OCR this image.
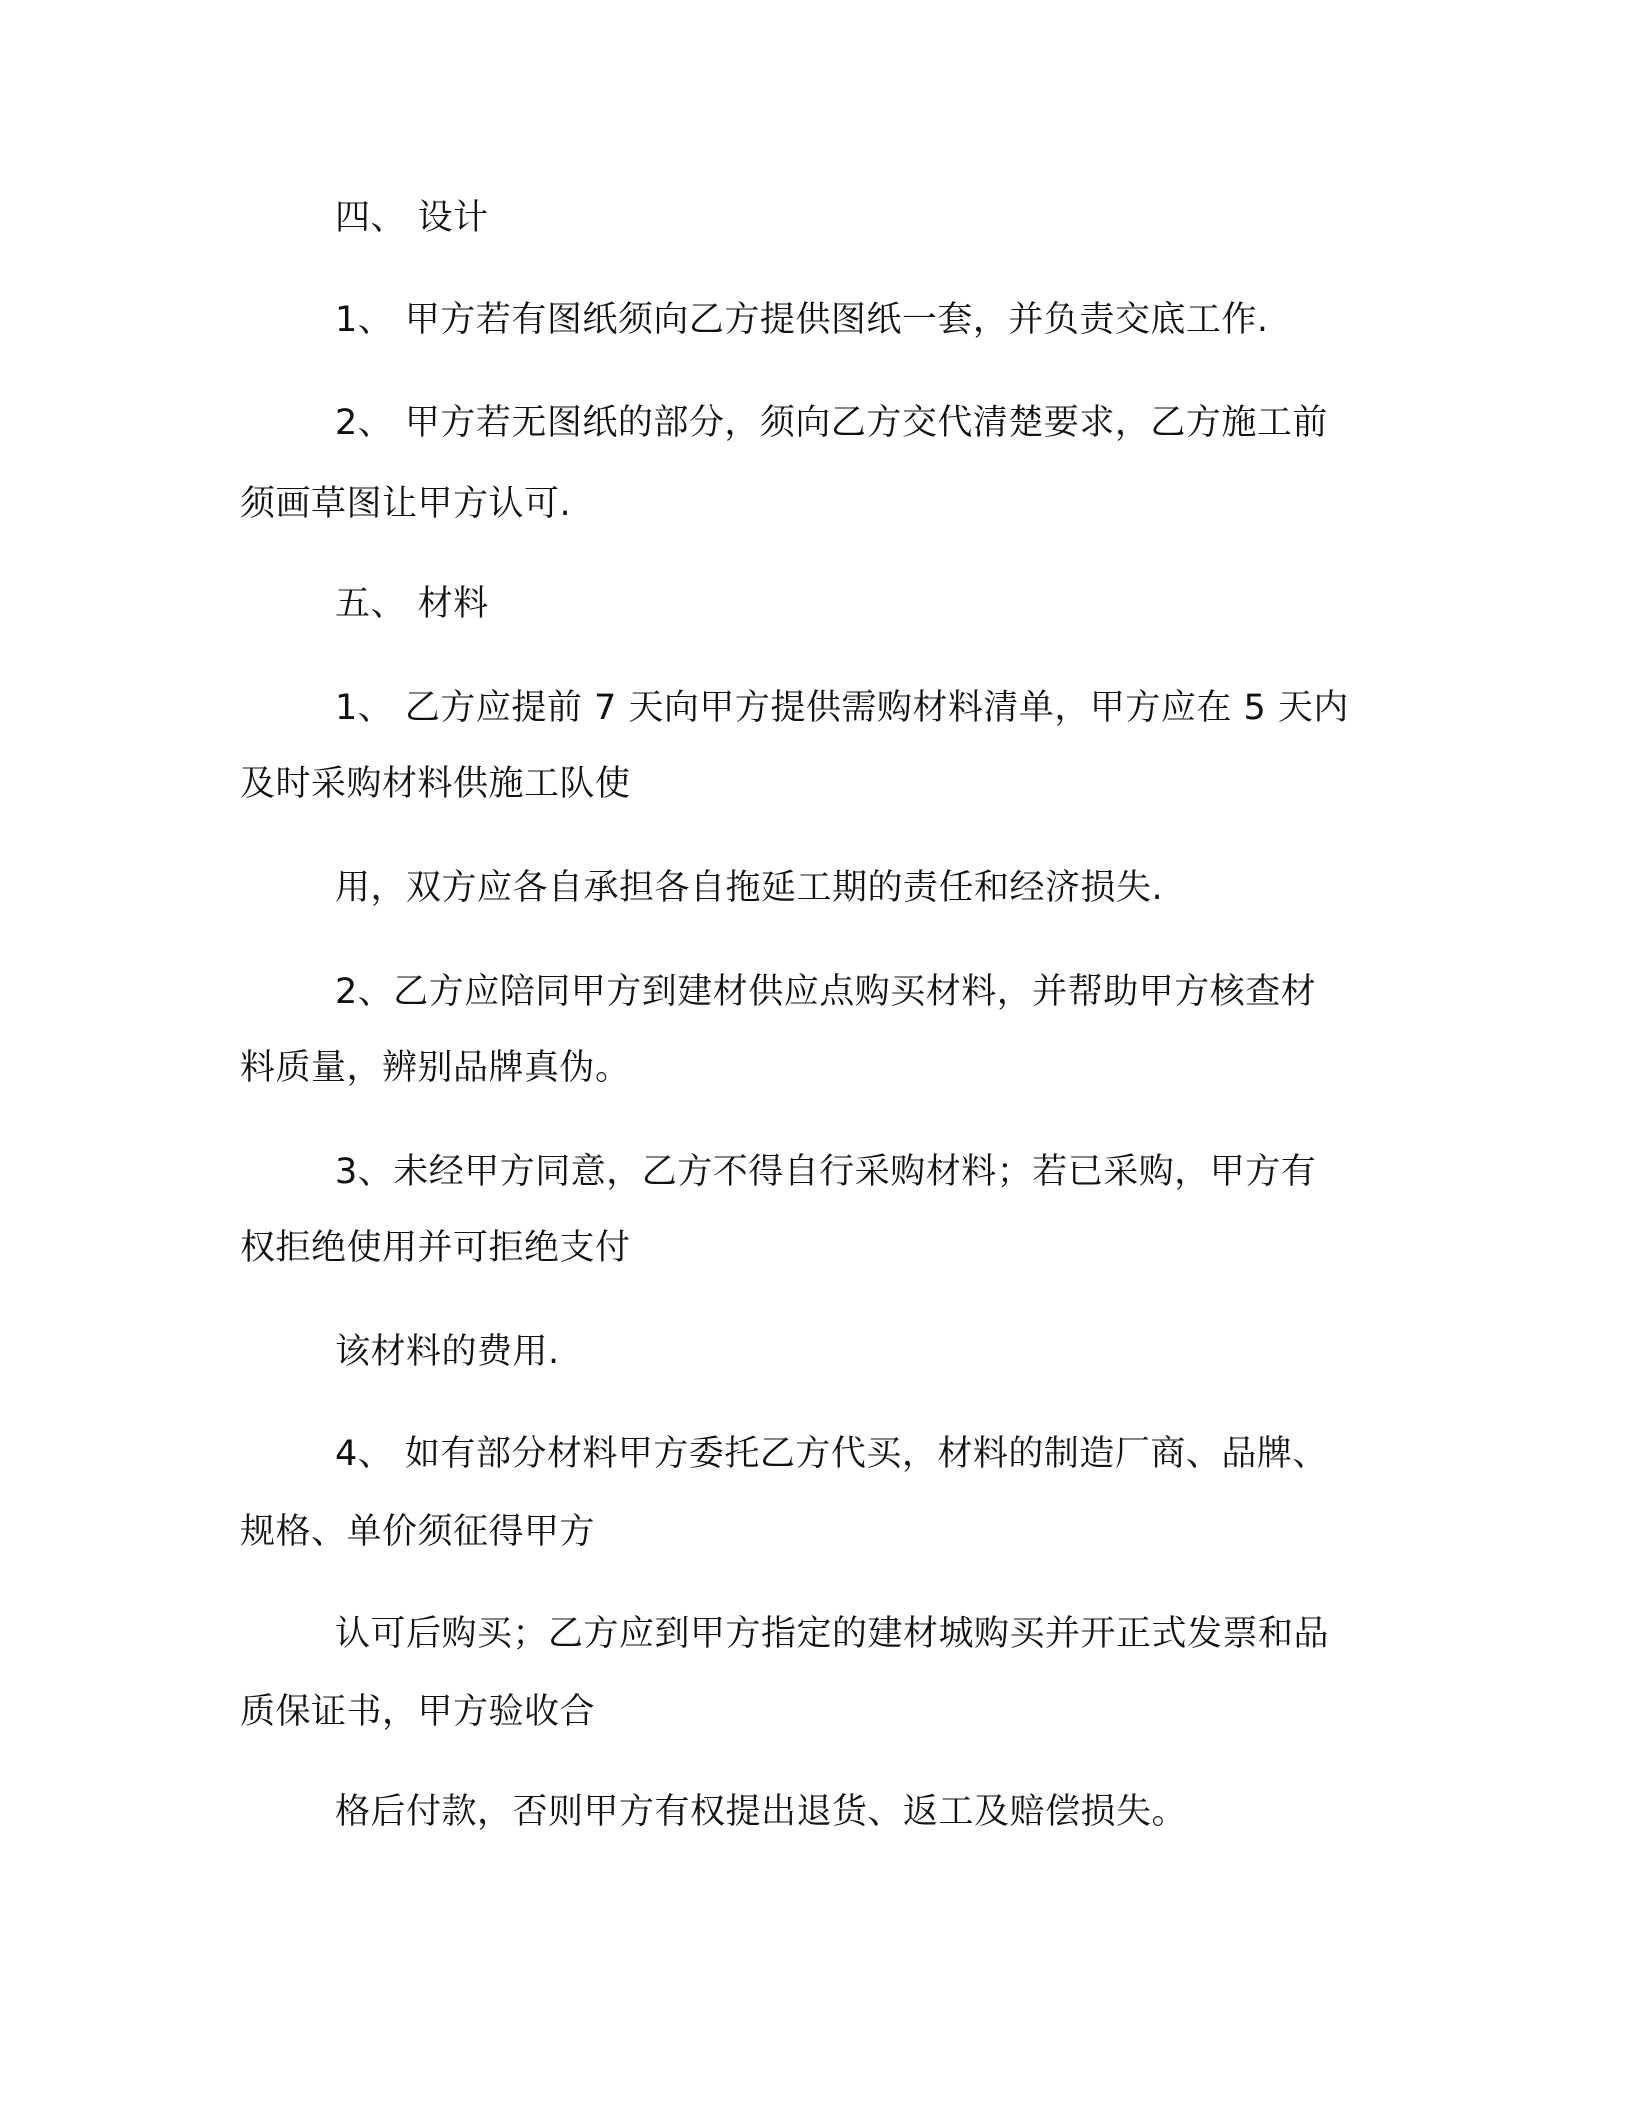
四、 设计
1、 甲方若有图纸须向乙方提供图纸一套，并负责交底工作.
2、 甲方若无图纸的部分，须向乙方交代清楚要求，乙方施工前
须画草图让甲方认可.
五、 材料
1、 乙方应提前 7 天向甲方提供需购材料清单，甲方应在 5 天内
及时采购材料供施工队使
用，双方应各自承担各自拖延工期的责任和经济损失.
2、乙方应陪同甲方到建材供应点购买材料，并帮助甲方核查材
料质量，辨别品牌真伪。
3、未经甲方同意，乙方不得自行采购材料；若已采购，甲方有
权拒绝使用并可拒绝支付
该材料的费用.
4、 如有部分材料甲方委托乙方代买，材料的制造厂商、品牌、
规格、单价须征得甲方
认可后购买；乙方应到甲方指定的建材城购买并开正式发票和品
质保证书，甲方验收合
格后付款，否则甲方有权提出退货、返工及赔偿损失。
